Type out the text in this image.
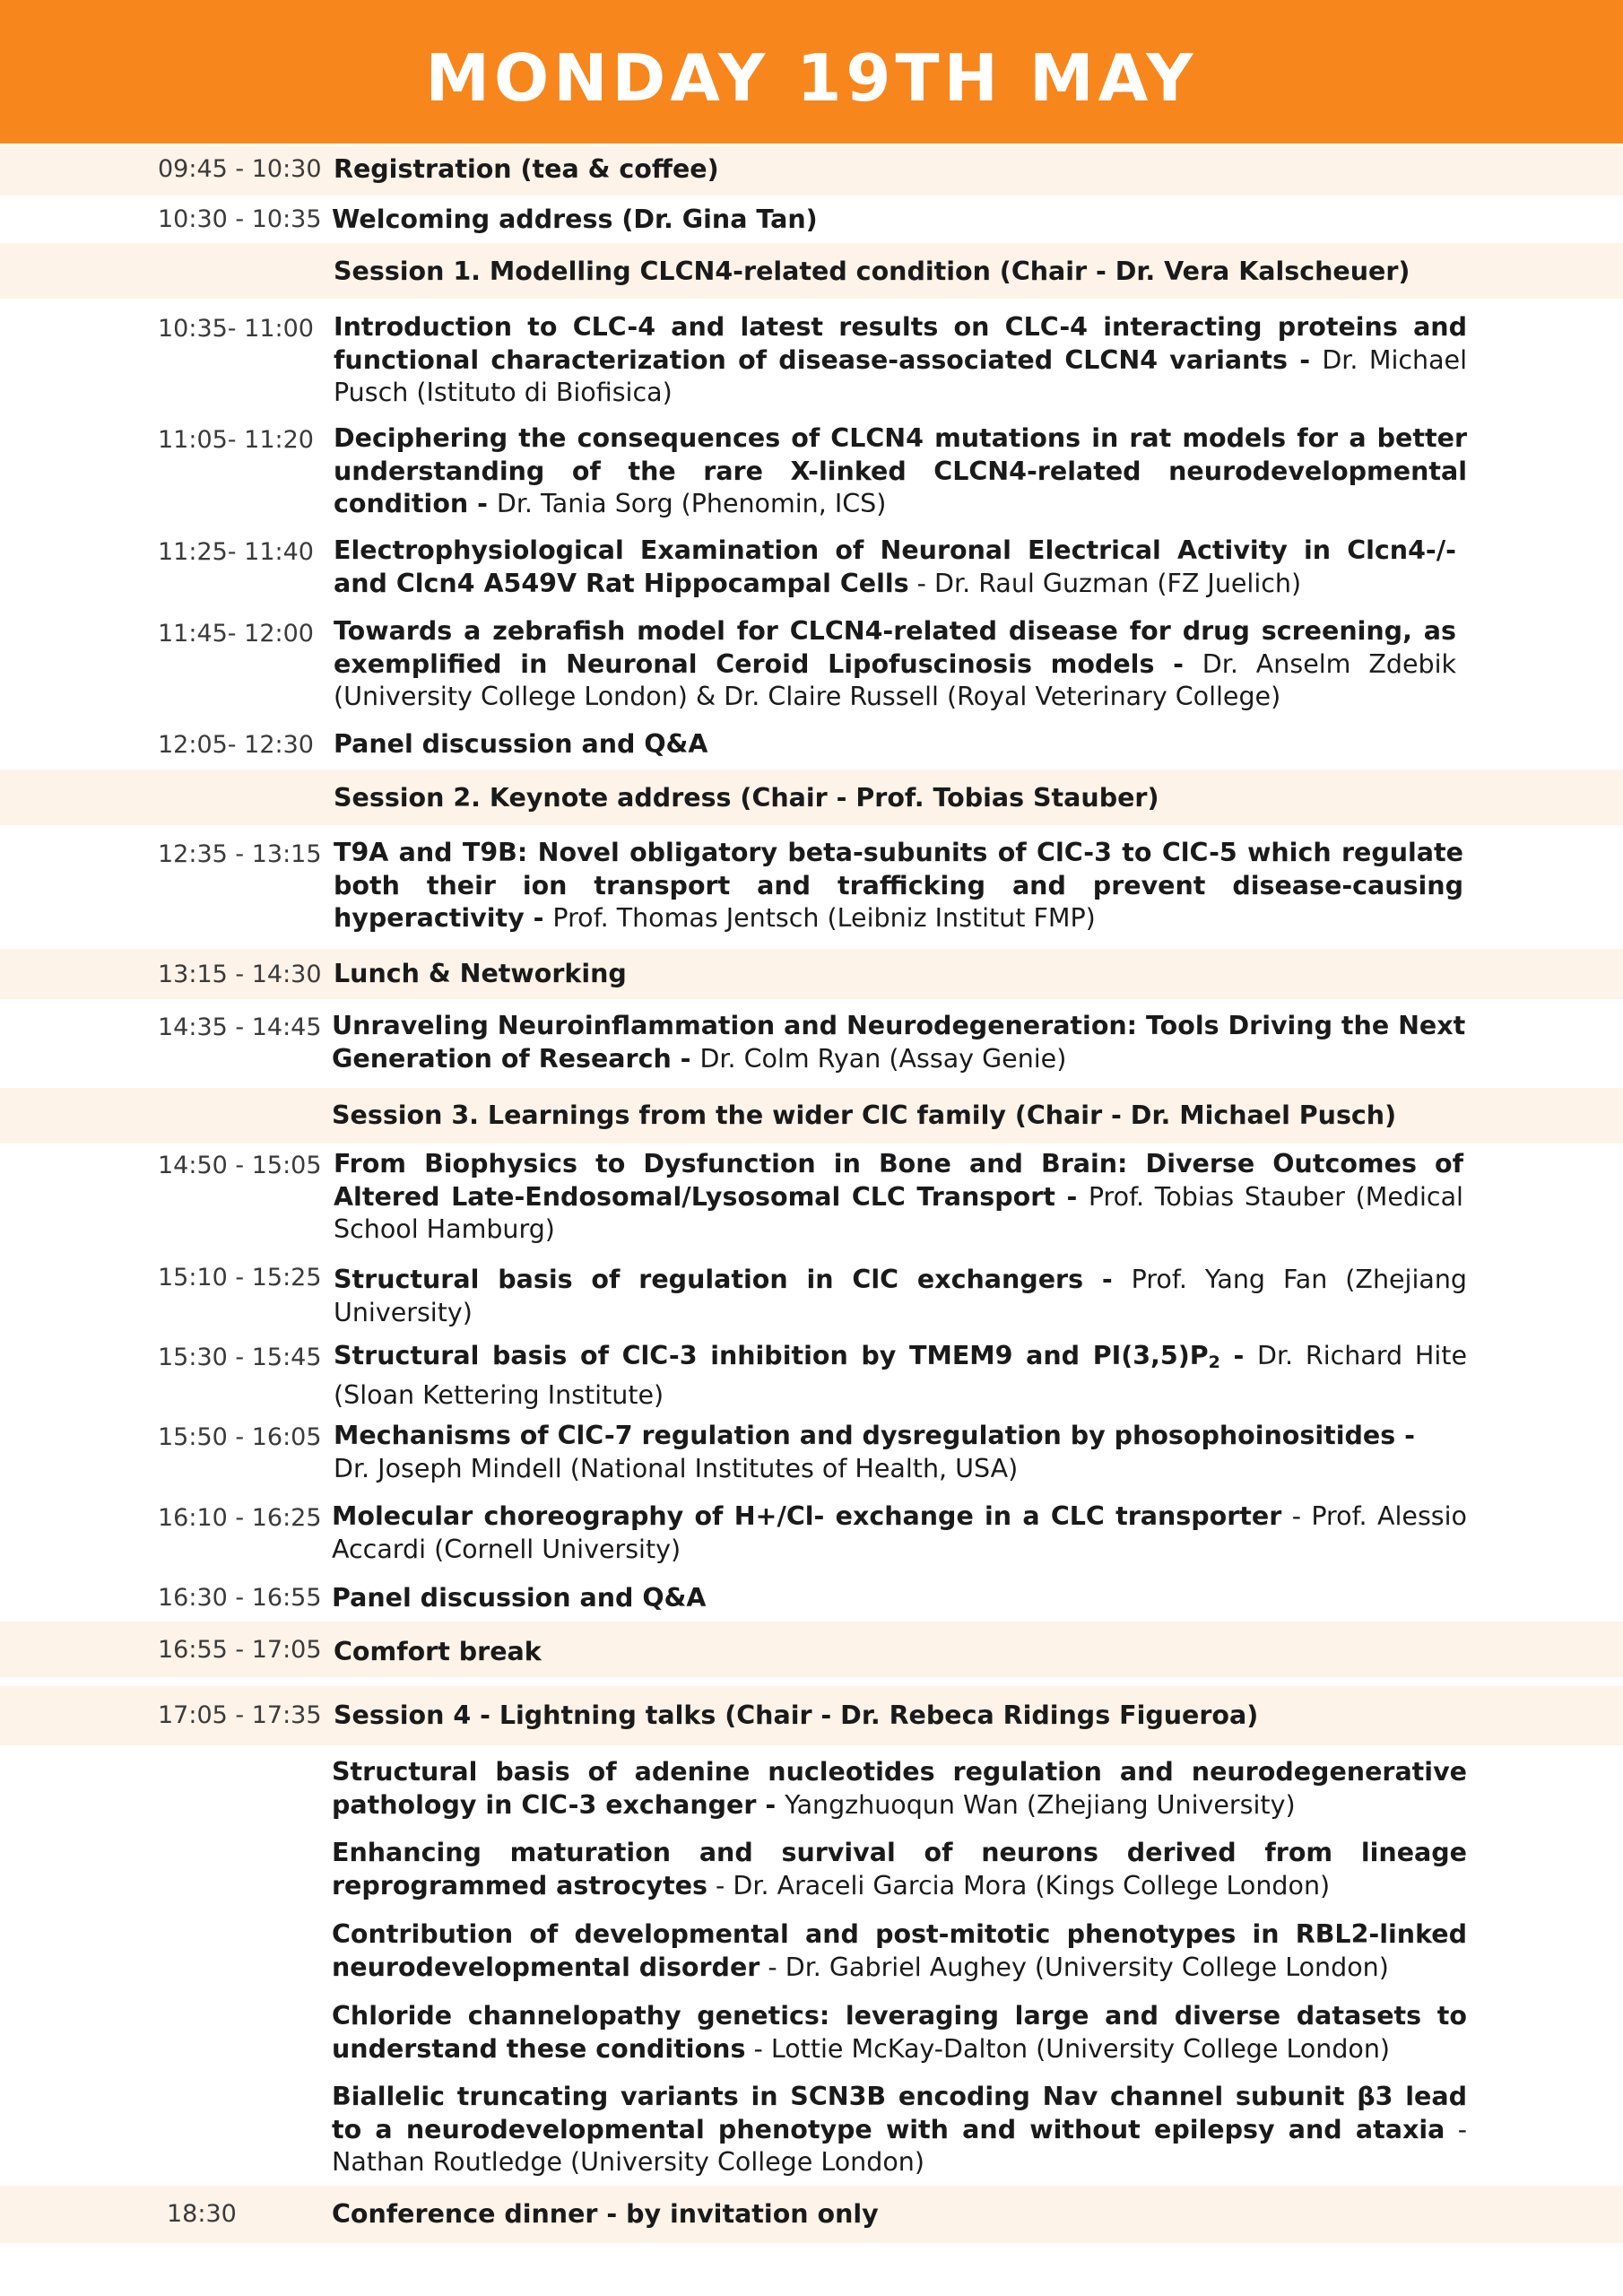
MONDAY 19TH MAY
09:45 - 10:30 Registration (tea & coffee)
10:30 - 10:35 Welcoming address (Dr. Gina Tan)
Session 1. Modelling CLCN4-related condition (Chair - Dr. Vera Kalscheuer)
10:35- 11:00 Introduction to CLC-4 and latest results on CLC-4 interacting proteins and functional characterization of disease-associated CLCN4 variants - Dr. Michael Pusch (Istituto di Biofisica)
11:05- 11:20 Deciphering the consequences of CLCN4 mutations in rat models for a better understanding of the rare X-linked CLCN4-related neurodevelopmental condition - Dr. Tania Sorg (Phenomin, ICS)
11:25- 11:40 Electrophysiological Examination of Neuronal Electrical Activity in Clcn4-/- and Clcn4 A549V Rat Hippocampal Cells - Dr. Raul Guzman (FZ Juelich)
11:45- 12:00 Towards a zebrafish model for CLCN4-related disease for drug screening, as exemplified in Neuronal Ceroid Lipofuscinosis models - Dr. Anselm Zdebik (University College London) & Dr. Claire Russell (Royal Veterinary College)
12:05- 12:30 Panel discussion and Q&A
Session 2. Keynote address (Chair - Prof. Tobias Stauber)
12:35 - 13:15 T9A and T9B: Novel obligatory beta-subunits of ClC-3 to ClC-5 which regulate both their ion transport and trafficking and prevent disease-causing hyperactivity - Prof. Thomas Jentsch (Leibniz Institut FMP)
13:15 - 14:30 Lunch & Networking
14:35 - 14:45 Unraveling Neuroinflammation and Neurodegeneration: Tools Driving the Next Generation of Research - Dr. Colm Ryan (Assay Genie)
Session 3. Learnings from the wider ClC family (Chair - Dr. Michael Pusch)
14:50 - 15:05 From Biophysics to Dysfunction in Bone and Brain: Diverse Outcomes of Altered Late-Endosomal/Lysosomal CLC Transport - Prof. Tobias Stauber (Medical School Hamburg)
15:10 - 15:25 Structural basis of regulation in ClC exchangers - Prof. Yang Fan (Zhejiang University)
15:30 - 15:45 Structural basis of ClC-3 inhibition by TMEM9 and PI(3,5)P2 - Dr. Richard Hite (Sloan Kettering Institute)
15:50 - 16:05 Mechanisms of ClC-7 regulation and dysregulation by phosophoinositides - Dr. Joseph Mindell (National Institutes of Health, USA)
16:10 - 16:25 Molecular choreography of H+/Cl- exchange in a CLC transporter - Prof. Alessio Accardi (Cornell University)
16:30 - 16:55 Panel discussion and Q&A
16:55 - 17:05 Comfort break
17:05 - 17:35 Session 4 - Lightning talks (Chair - Dr. Rebeca Ridings Figueroa)
Structural basis of adenine nucleotides regulation and neurodegenerative pathology in ClC-3 exchanger - Yangzhuoqun Wan (Zhejiang University)
Enhancing maturation and survival of neurons derived from lineage reprogrammed astrocytes - Dr. Araceli Garcia Mora (Kings College London)
Contribution of developmental and post-mitotic phenotypes in RBL2-linked neurodevelopmental disorder - Dr. Gabriel Aughey (University College London)
Chloride channelopathy genetics: leveraging large and diverse datasets to understand these conditions - Lottie McKay-Dalton (University College London)
Biallelic truncating variants in SCN3B encoding Nav channel subunit β3 lead to a neurodevelopmental phenotype with and without epilepsy and ataxia - Nathan Routledge (University College London)
18:30	Conference dinner - by invitation only
